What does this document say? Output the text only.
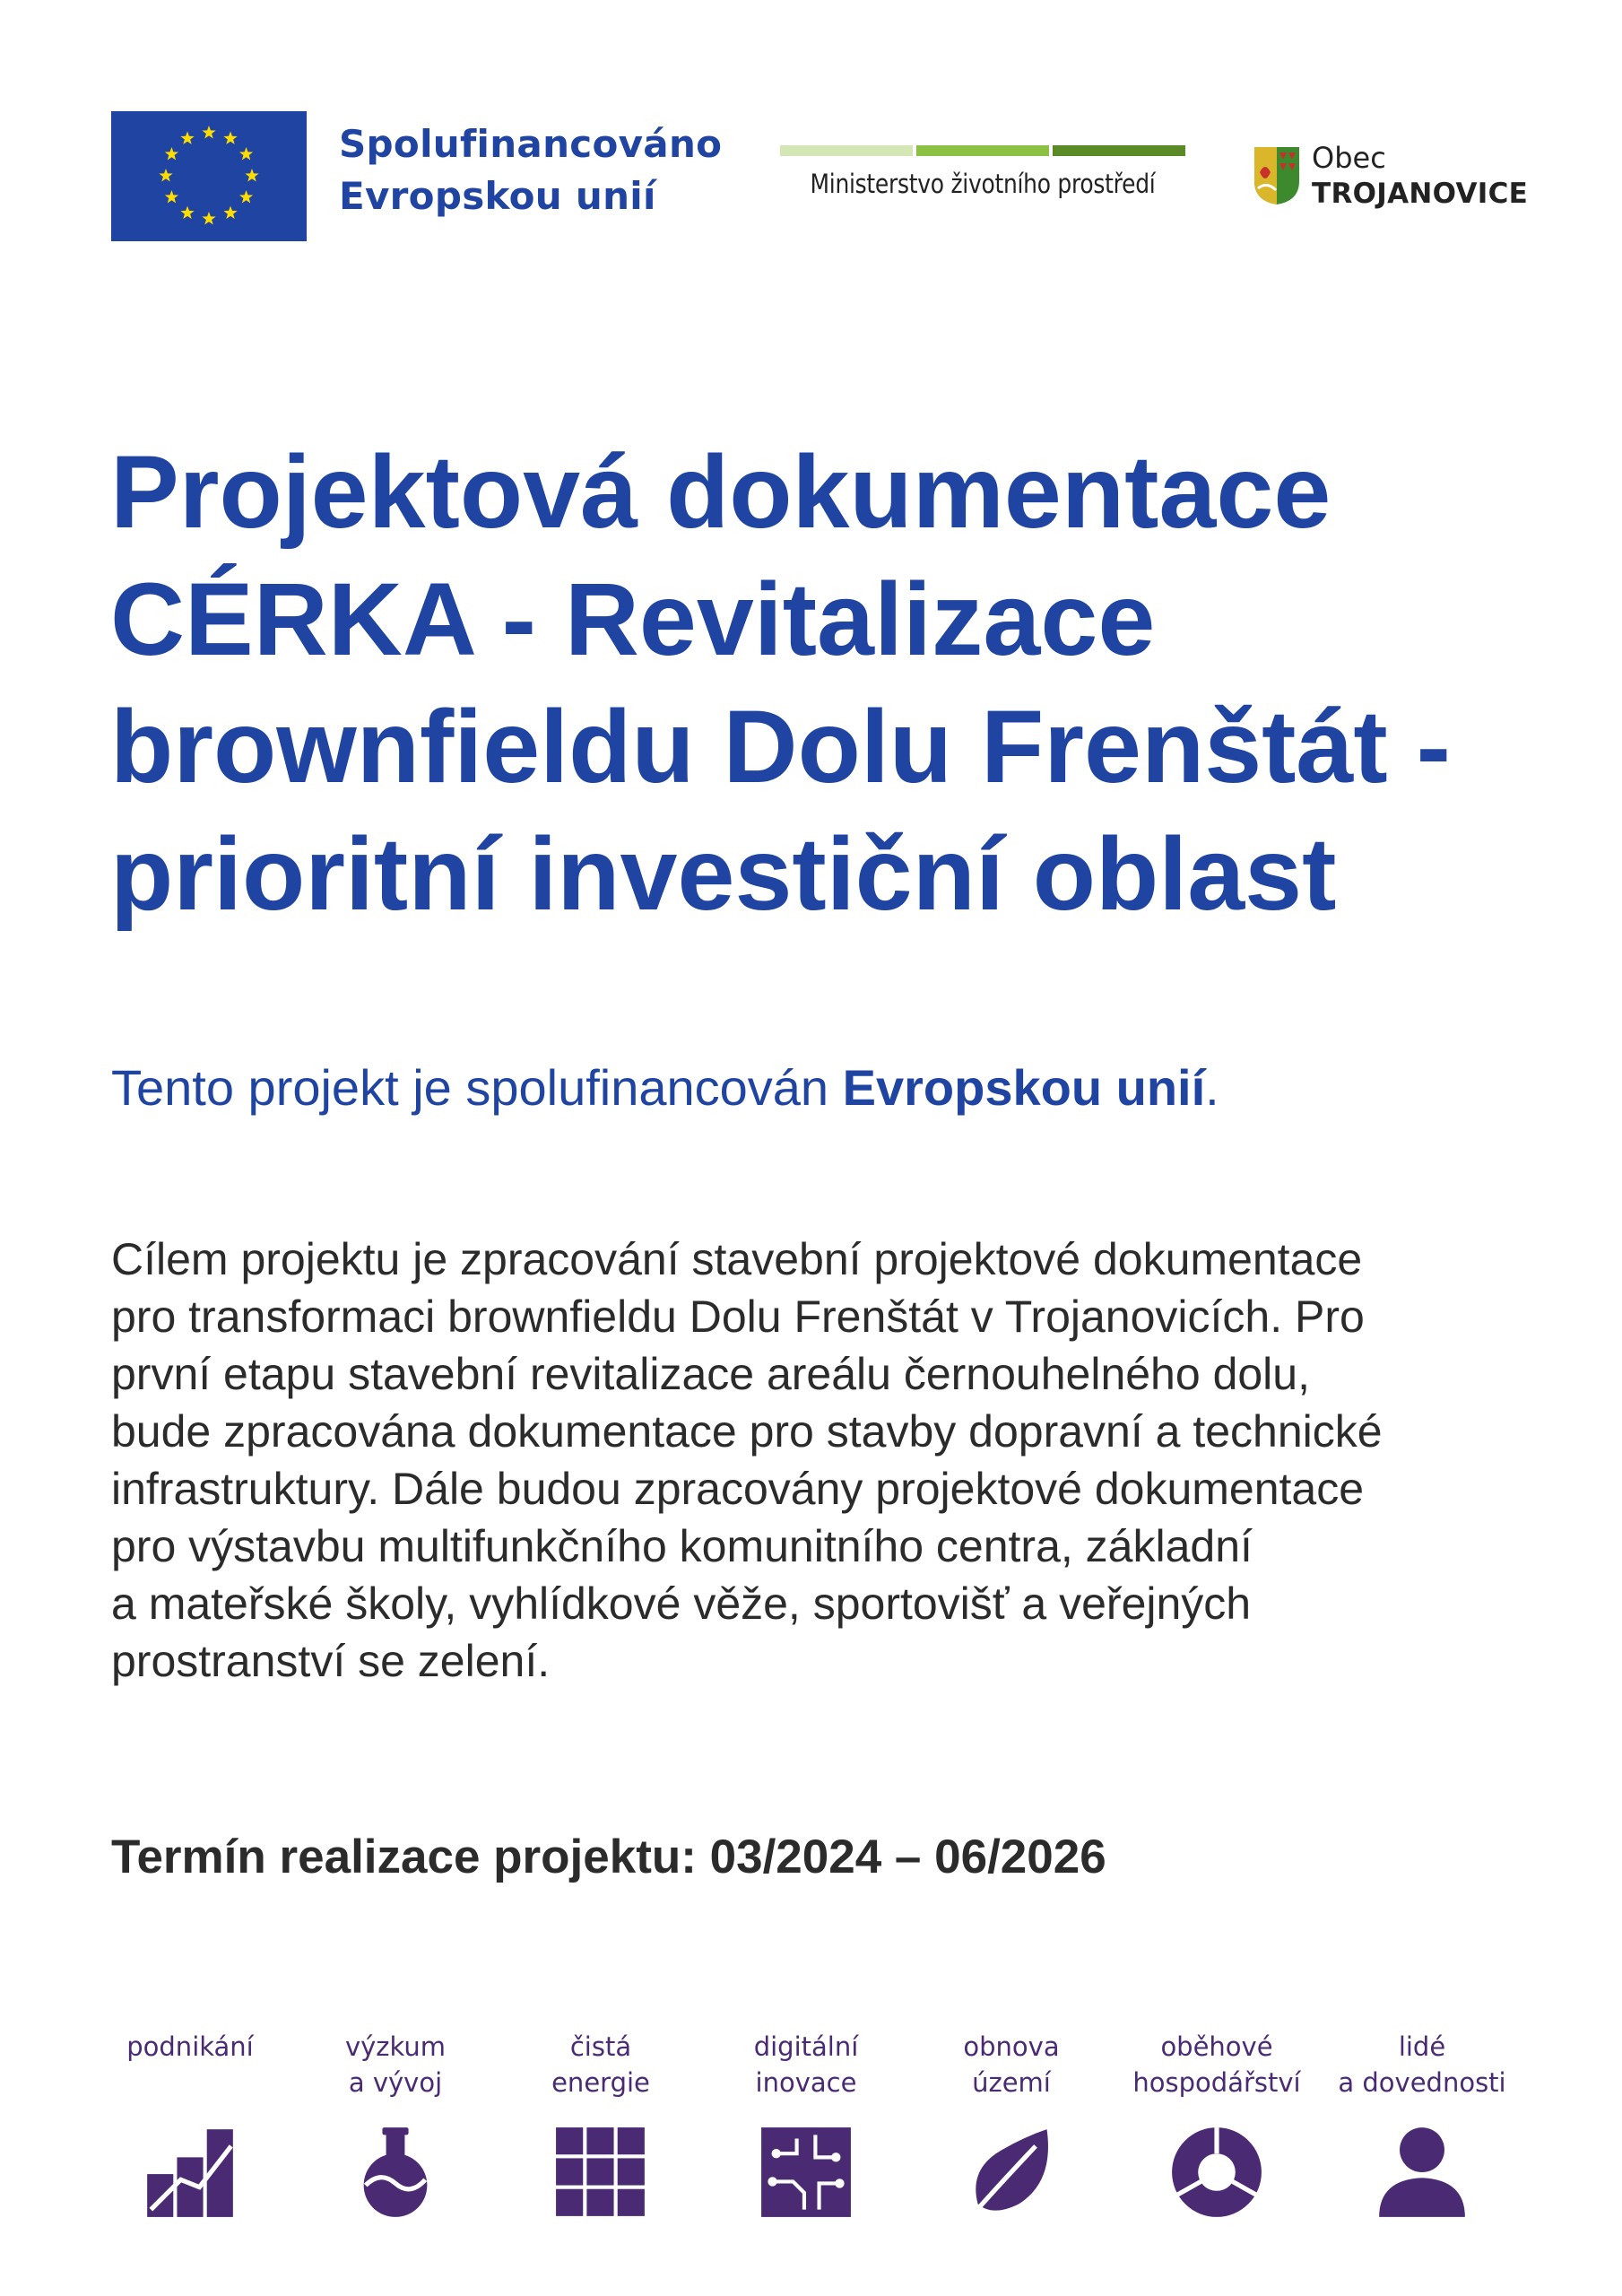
Spolufinancováno
Evropskou unií	Ministerstvo životního prostředí
Obec
TROJANOVICE
Projektová dokumentace
CÉRKA - Revitalizace
brownfieldu Dolu Frenštát -
prioritní investiční oblast
Tento projekt je spolufinancován Evropskou unií.
Cílem projektu je zpracování stavební projektové dokumentace
pro transformaci brownfieldu Dolu Frenštát v Trojanovicích. Pro
první etapu stavební revitalizace areálu černouhelného dolu,
bude zpracována dokumentace pro stavby dopravní a technické
infrastruktury. Dále budou zpracovány projektové dokumentace
pro výstavbu multifunkčního komunitního centra, základní
a mateřské školy, vyhlídkové věže, sportovišť a veřejných
prostranství se zelení.
Termín realizace projektu: 03/2024 – 06/2026
podnikání	výzkum
a vývoj
čistá
energie
digitální
inovace
obnova
území
oběhové
hospodářství
lidé
a dovednosti
